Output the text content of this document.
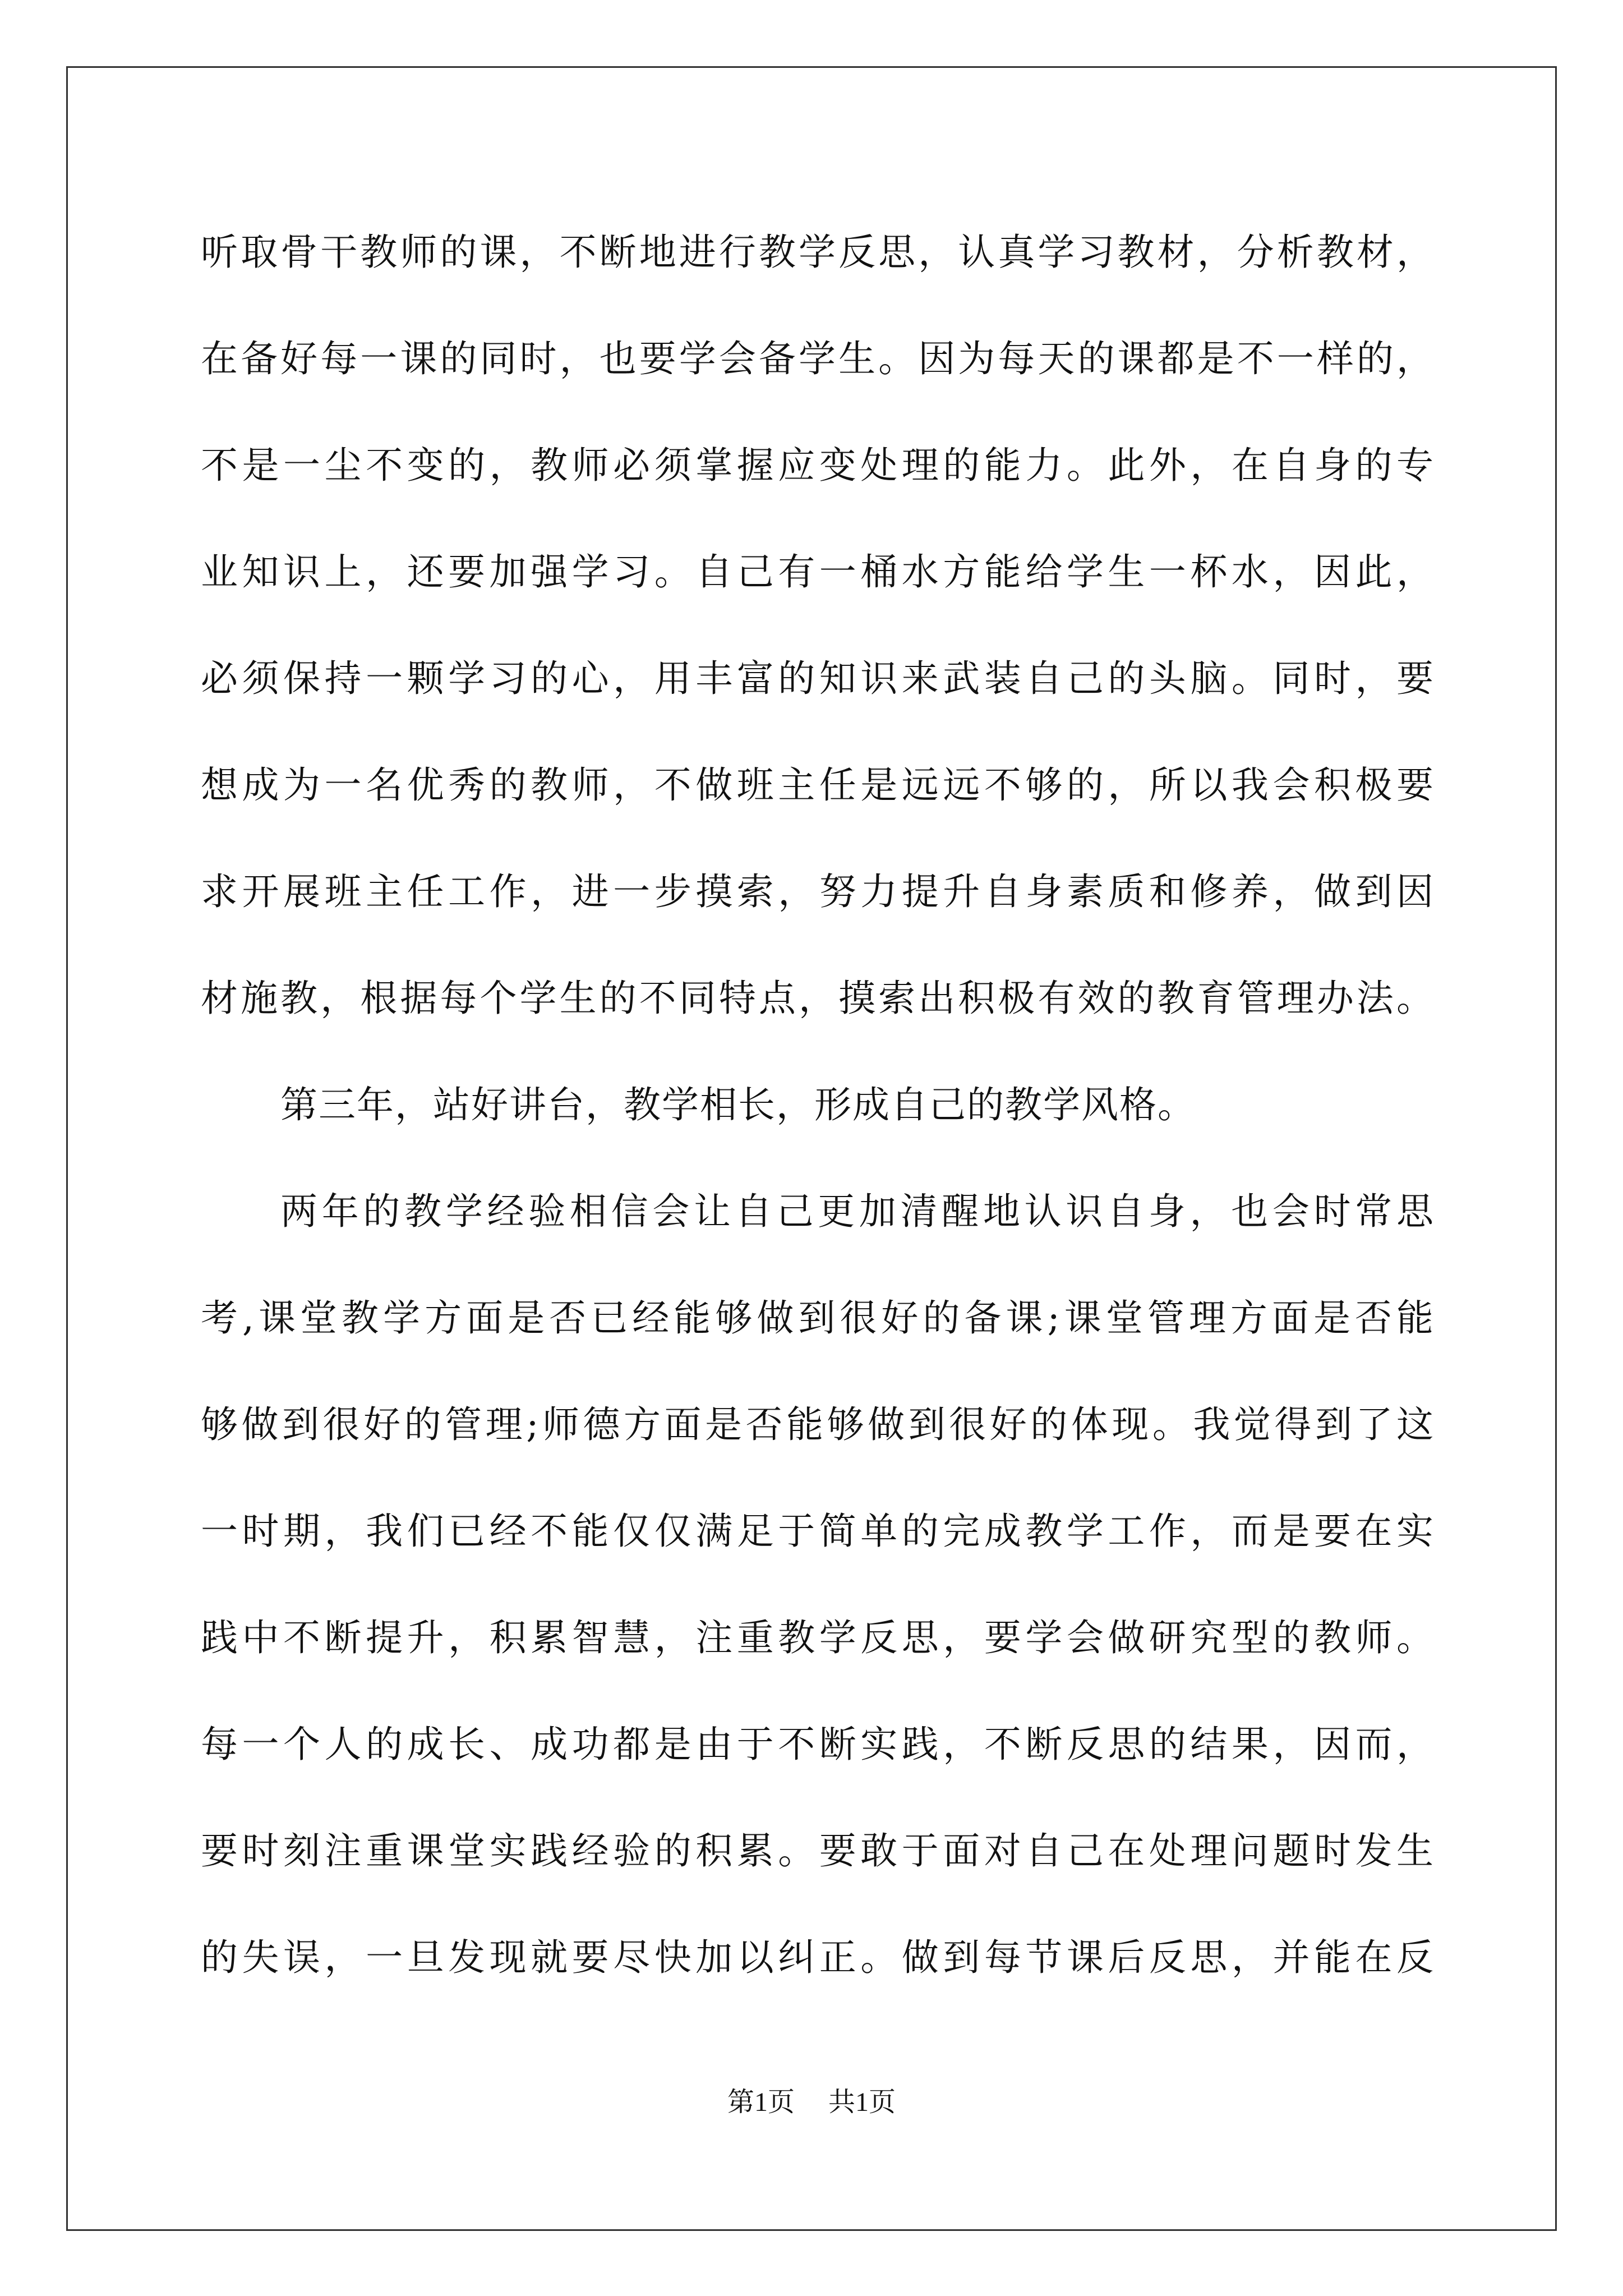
听取骨干教师的课，不断地进行教学反思，认真学习教材，分析教材，
在备好每一课的同时，也要学会备学生。因为每天的课都是不一样的，
不是一尘不变的，教师必须掌握应变处理的能力。此外，在自身的专
业知识上，还要加强学习。自己有一桶水方能给学生一杯水，因此，
必须保持一颗学习的心，用丰富的知识来武装自己的头脑。同时，要
想成为一名优秀的教师，不做班主任是远远不够的，所以我会积极要
求开展班主任工作，进一步摸索，努力提升自身素质和修养，做到因
材施教，根据每个学生的不同特点，摸索出积极有效的教育管理办法。
第三年，站好讲台，教学相长，形成自己的教学风格。
两年的教学经验相信会让自己更加清醒地认识自身，也会时常思
考,课堂教学方面是否已经能够做到很好的备课;课堂管理方面是否能
够做到很好的管理;师德方面是否能够做到很好的体现。我觉得到了这
一时期，我们已经不能仅仅满足于简单的完成教学工作，而是要在实
践中不断提升，积累智慧，注重教学反思，要学会做研究型的教师。
每一个人的成长、成功都是由于不断实践，不断反思的结果，因而，
要时刻注重课堂实践经验的积累。要敢于面对自己在处理问题时发生
的失误，一旦发现就要尽快加以纠正。做到每节课后反思，并能在反
第1页 共1页
